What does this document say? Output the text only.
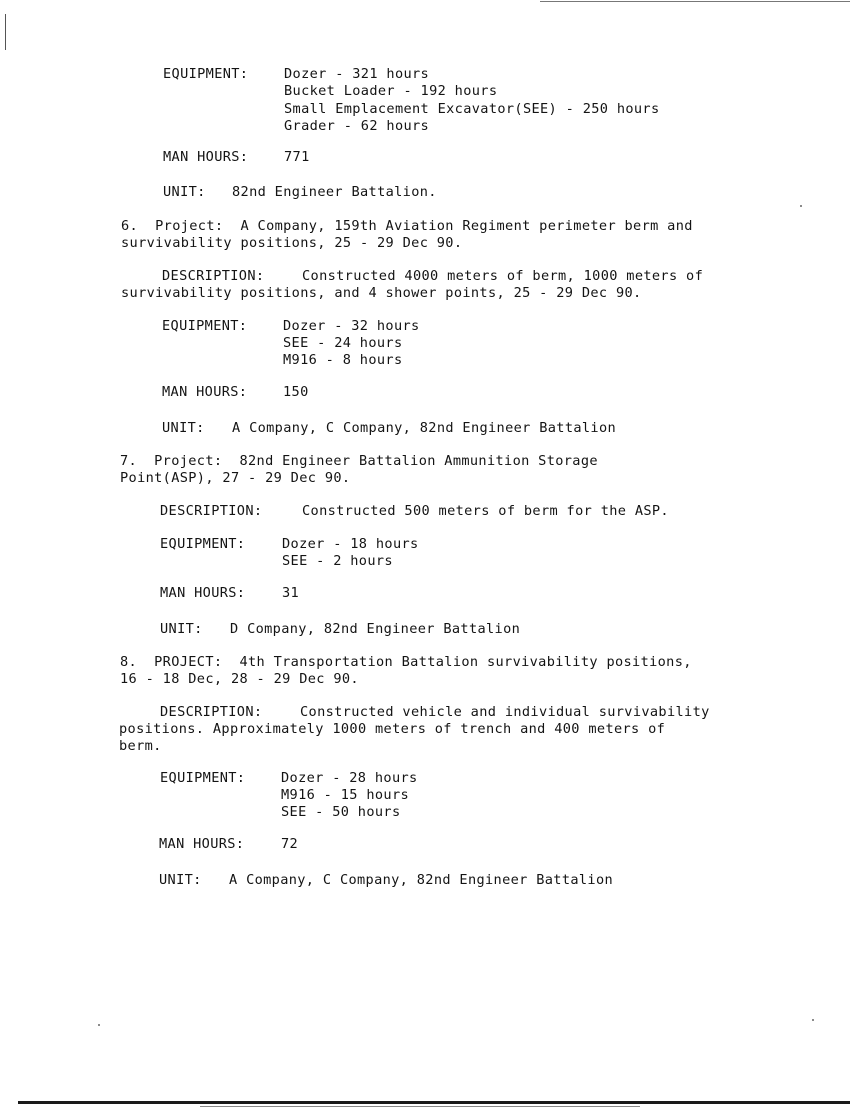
EQUIPMENT:	Dozer - 321 hours
Bucket Loader - 192 hours
Small Emplacement Excavator(SEE) - 250 hours
Grader - 62 hours
MAN HOURS:	771
UNIT: 82nd Engineer Battalion.
6.  Project:  A Company, 159th Aviation Regiment perimeter berm and
survivability positions, 25 - 29 Dec 90.
DESCRIPTION:	Constructed 4000 meters of berm, 1000 meters of
survivability positions, and 4 shower points, 25 - 29 Dec 90.
EQUIPMENT:	Dozer - 32 hours
SEE - 24 hours
M916 - 8 hours
MAN HOURS:	150
UNIT: A Company, C Company, 82nd Engineer Battalion
7.  Project:  82nd Engineer Battalion Ammunition Storage
Point(ASP), 27 - 29 Dec 90.
DESCRIPTION:	Constructed 500 meters of berm for the ASP.
EQUIPMENT:	Dozer - 18 hours
SEE - 2 hours
MAN HOURS:	31
UNIT: D Company, 82nd Engineer Battalion
8.  PROJECT:  4th Transportation Battalion survivability positions,
16 - 18 Dec, 28 - 29 Dec 90.
DESCRIPTION:	Constructed vehicle and individual survivability
positions. Approximately 1000 meters of trench and 400 meters of
berm.
EQUIPMENT:	Dozer - 28 hours
M916 - 15 hours
SEE - 50 hours
MAN HOURS:	72
UNIT: A Company, C Company, 82nd Engineer Battalion
